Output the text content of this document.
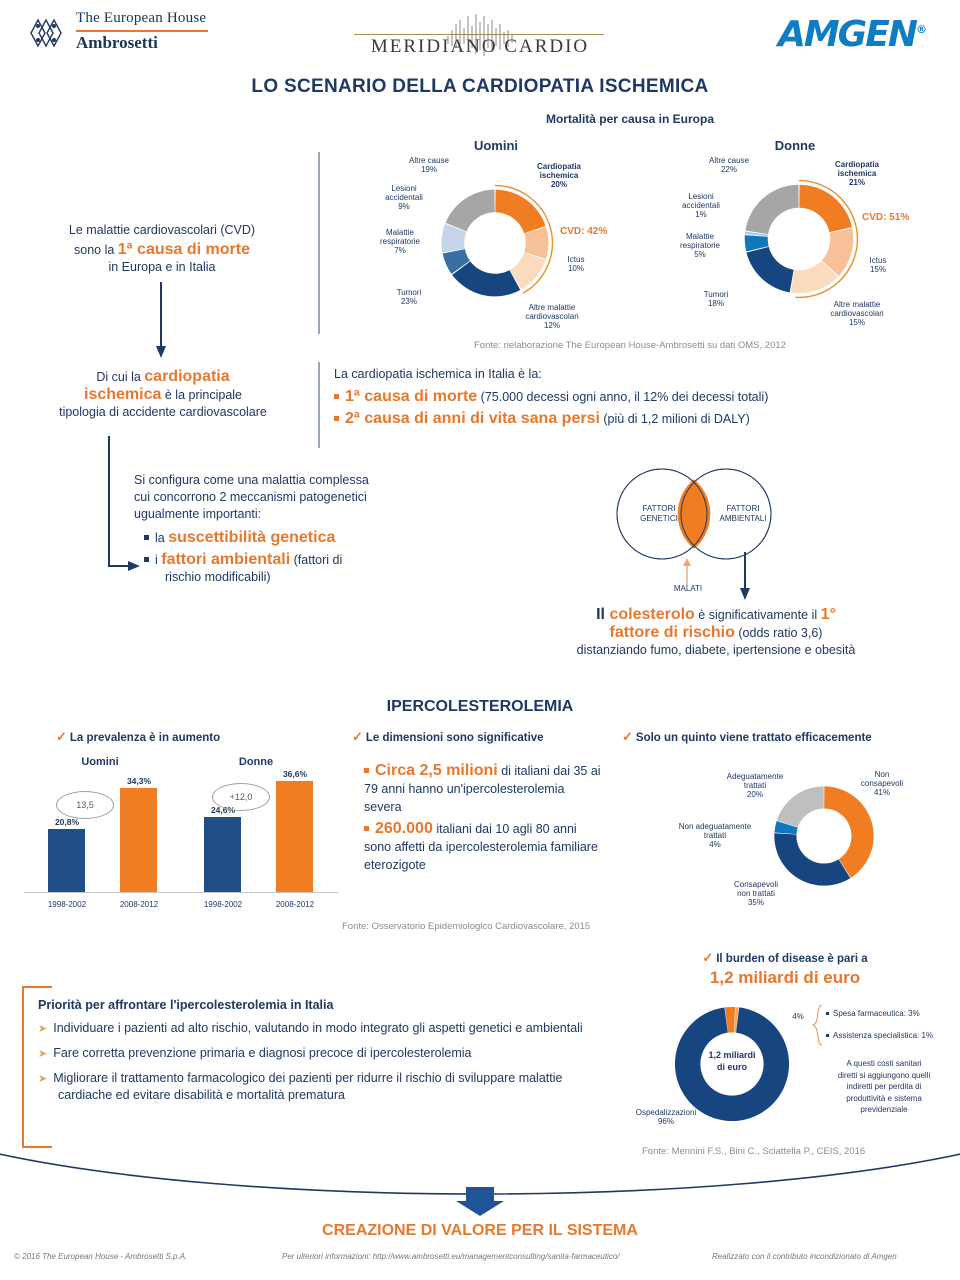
The European House
Ambrosetti	MERIDIANO CARDIO	AMGEN®
LO SCENARIO DELLA CARDIOPATIA ISCHEMICA
Mortalità per causa in Europa
Uomini
Cardiopatia ischemica
20%
Ictus
10%
Altre malattie cardiovascolari
12%
Tumori
23%
Malattie respiratorie
7%
Lesioni accidentali
9%
Altre cause
19%
CVD: 42%
Donne
Cardiopatia ischemica
21%
Ictus
15%
Altre malattie cardiovascolari
15%
Tumori
18%
Malattie respiratorie
5%
Lesioni accidentali
1%
Altre cause
22%
CVD: 51%
Fonte: rielaborazione The European House-Ambrosetti su dati OMS, 2012
Le malattie cardiovascolari (CVD)
sono la 1ª causa di morte
in Europa e in Italia
Di cui la cardiopatia
ischemica è la principale
tipologia di accidente cardiovascolare
La cardiopatia ischemica in Italia è la:
1ª causa di morte (75.000 decessi ogni anno, il 12% dei decessi totali)
2ª causa di anni di vita sana persi (più di 1,2 milioni di DALY)
Si configura come una malattia complessa
cui concorrono 2 meccanismi patogenetici
ugualmente importanti:
la suscettibilità genetica
i fattori ambientali (fattori di
rischio modificabili)
FATTORI
GENETICI
FATTORI
AMBIENTALI
MALATI
Il colesterolo è significativamente il 1°
fattore di rischio (odds ratio 3,6)
distanziando fumo, diabete, ipertensione e obesità
IPERCOLESTEROLEMIA
✓ La prevalenza è in aumento	✓ Le dimensioni sono significative	✓ Solo un quinto viene trattato efficacemente
Uomini
20,8%
34,3%
1998-2002	2008-2012
13,5
Donne
24,6%
36,6%
1998-2002	2008-2012
+12,0
Circa 2,5 milioni di italiani dai 35 ai 79 anni hanno un'ipercolesterolemia severa
260.000 italiani dai 10 agli 80 anni sono affetti da ipercolesterolemia familiare eterozigote
Fonte: Osservatorio Epidemiologico Cardiovascolare, 2015
Non
consapevoli
41%
Consapevoli
non trattati
35%
Non adeguatamente
trattati
4%
Adeguatamente
trattati
20%
✓ Il burden of disease è pari a
1,2 miliardi di euro
1,2 miliardi
di euro
4%	Spesa farmaceutica: 3%
Assistenza specialistica: 1%
A questi costi sanitari
diretti si aggiungono quelli
indiretti per perdita di
produttività e sistema
previdenziale
Ospedalizzazioni
96%
Fonte: Mennini F.S., Bini C., Sciattella P., CEIS, 2016
Priorità per affrontare l'ipercolesterolemia in Italia
➤ Individuare i pazienti ad alto rischio, valutando in modo integrato gli aspetti genetici e ambientali
➤ Fare corretta prevenzione primaria e diagnosi precoce di ipercolesterolemia
➤ Migliorare il trattamento farmacologico dei pazienti per ridurre il rischio di sviluppare malattie cardiache ed evitare disabilità e mortalità prematura
CREAZIONE DI VALORE PER IL SISTEMA
© 2016 The European House - Ambrosetti S.p.A.	Per ulteriori informazioni: http://www.ambrosetti.eu/managementconsulting/sanita-farmaceutico/	Realizzato con il contributo incondizionato di Amgen
